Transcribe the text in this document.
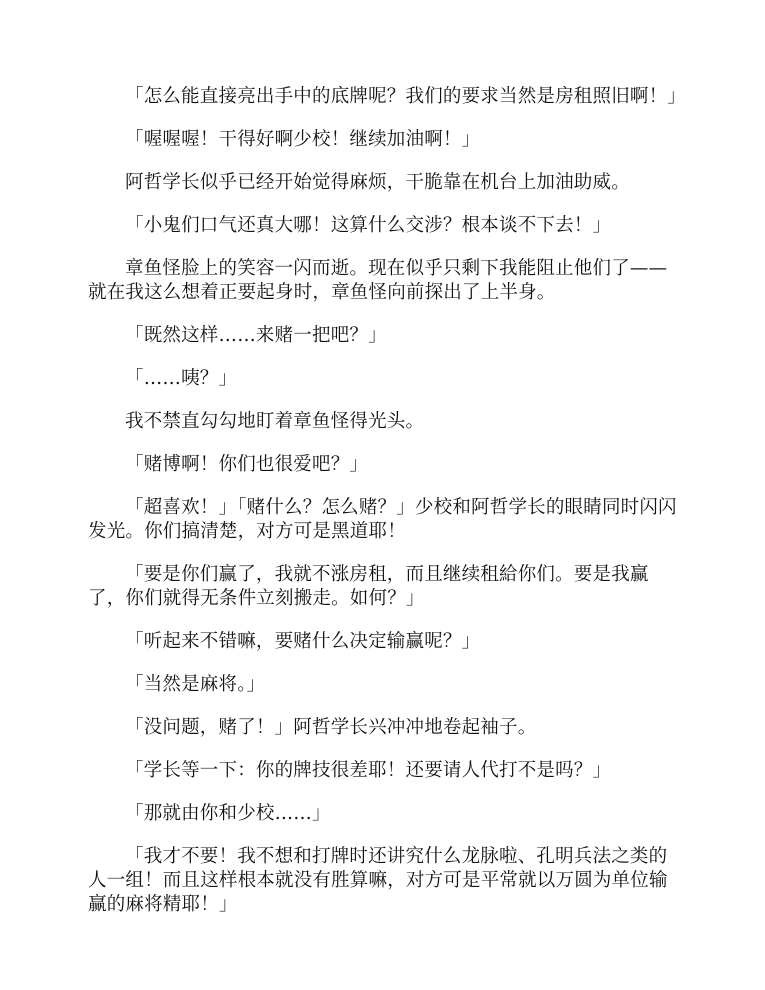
「怎么能直接亮出手中的底牌呢？我们的要求当然是房租照旧啊！」

「喔喔喔！干得好啊少校！继续加油啊！」

阿哲学长似乎已经开始觉得麻烦，干脆靠在机台上加油助威。

「小鬼们口气还真大哪！这算什么交涉？根本谈不下去！」

章鱼怪脸上的笑容一闪而逝。现在似乎只剩下我能阻止他们了——就在我这么想着正要起身时，章鱼怪向前探出了上半身。

「既然这样……来赌一把吧？」

「……咦？」

我不禁直勾勾地盯着章鱼怪得光头。

「赌博啊！你们也很爱吧？」

「超喜欢！」「赌什么？怎么赌？」少校和阿哲学长的眼睛同时闪闪发光。你们搞清楚，对方可是黑道耶！

「要是你们赢了，我就不涨房租，而且继续租給你们。要是我赢了，你们就得无条件立刻搬走。如何？」

「听起来不错嘛，要赌什么决定输赢呢？」

「当然是麻将。」

「没问题，赌了！」阿哲学长兴冲冲地卷起袖子。

「学长等一下：你的牌技很差耶！还要请人代打不是吗？」

「那就由你和少校……」

「我才不要！我不想和打牌时还讲究什么龙脉啦、孔明兵法之类的人一组！而且这样根本就没有胜算嘛，对方可是平常就以万圆为单位输赢的麻将精耶！」
